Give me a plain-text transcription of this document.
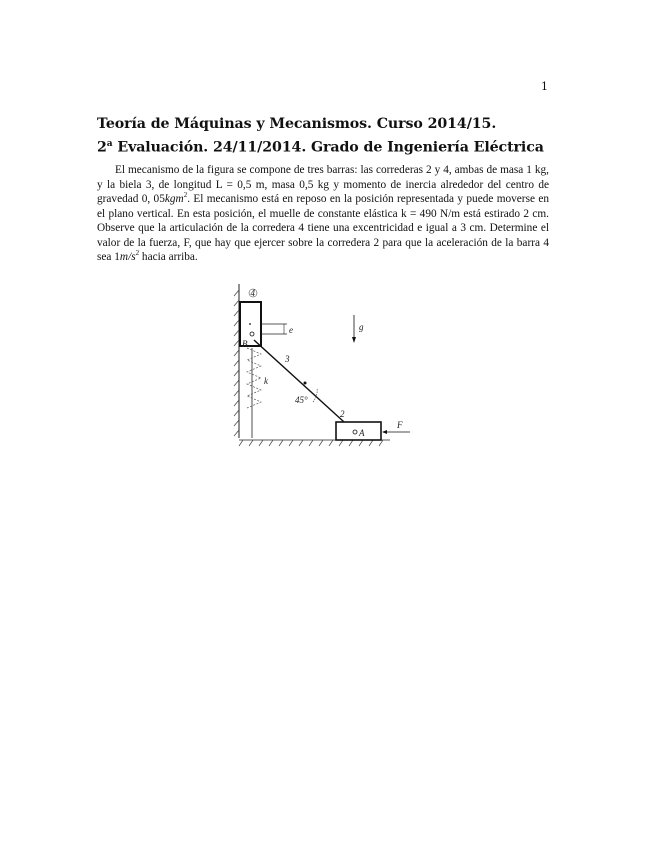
1
Teoría de Máquinas y Mecanismos. Curso 2014/15.
2$^a$ Evaluación. 24/11/2014. Grado de Ingeniería Eléctrica

El mecanismo de la figura se compone de tres barras: las correderas 2 y 4, ambas de masa 1 kg, y la biela 3, de longitud L = 0,5 m, masa 0,5 kg y momento de inercia alrededor del centro de gravedad 0, 05kgm$^2$. El mecanismo está en reposo en la posición representada y puede moverse en el plano vertical. En esta posición, el muelle de constante elástica k = 490 N/m está estirado 2 cm. Observe que la articulación de la corredera 4 tiene una excentricidad e igual a 3 cm. Determine el valor de la fuerza, F, que hay que ejercer sobre la corredera 2 para que la aceleración de la barra 4 sea $1m/s^2$ hacia arriba.

4
e	g
B
3
k
45°
2
A
F
